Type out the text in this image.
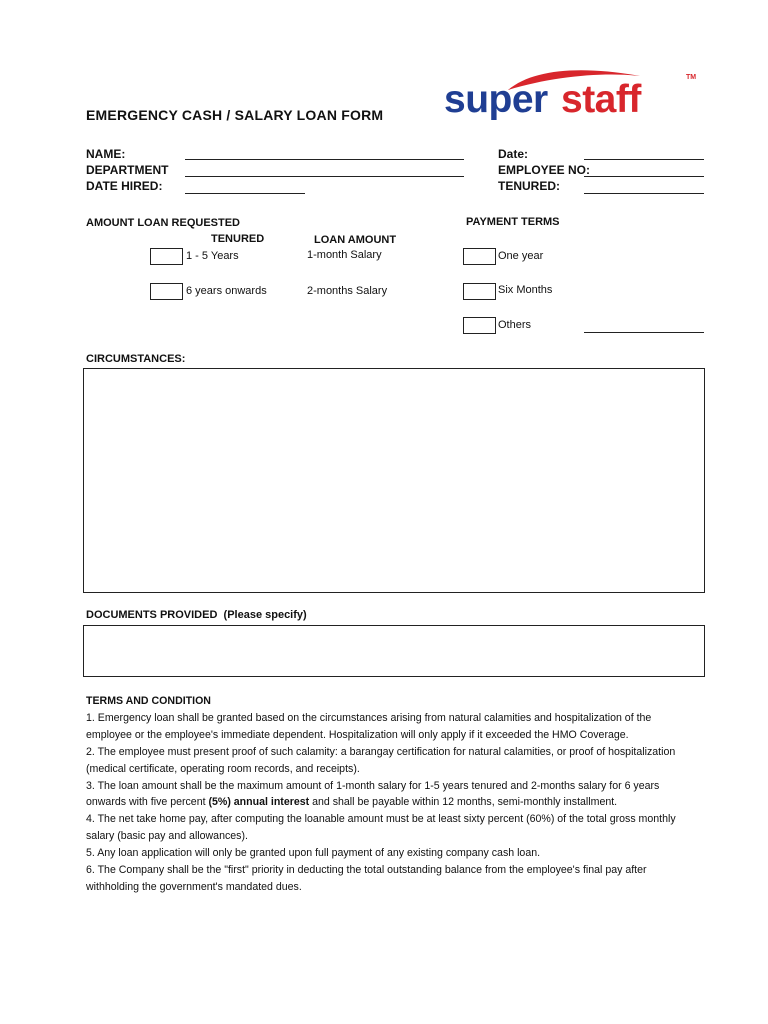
EMERGENCY CASH / SALARY LOAN FORM super staff
TM
NAME:
DEPARTMENT
DATE HIRED:
Date:
EMPLOYEE NO:
TENURED:
AMOUNT LOAN REQUESTED
TENURED	LOAN AMOUNT
1 - 5 Years	1-month Salary
6 years onwards	2-months Salary
PAYMENT TERMS
One year
Six Months
Others
CIRCUMSTANCES:
DOCUMENTS PROVIDED (Please specify)

TERMS AND CONDITION

1. Emergency loan shall be granted based on the circumstances arising from natural calamities and hospitalization of the employee or the employee's immediate dependent. Hospitalization will only apply if it exceeded the HMO Coverage.

2. The employee must present proof of such calamity: a barangay certification for natural calamities, or proof of hospitalization (medical certificate, operating room records, and receipts).

3. The loan amount shall be the maximum amount of 1-month salary for 1-5 years tenured and 2-months salary for 6 years onwards with five percent (5%) annual interest and shall be payable within 12 months, semi-monthly installment.

4. The net take home pay, after computing the loanable amount must be at least sixty percent (60%) of the total gross monthly salary (basic pay and allowances).

5. Any loan application will only be granted upon full payment of any existing company cash loan.

6. The Company shall be the "first" priority in deducting the total outstanding balance from the employee's final pay after withholding the government's mandated dues.
